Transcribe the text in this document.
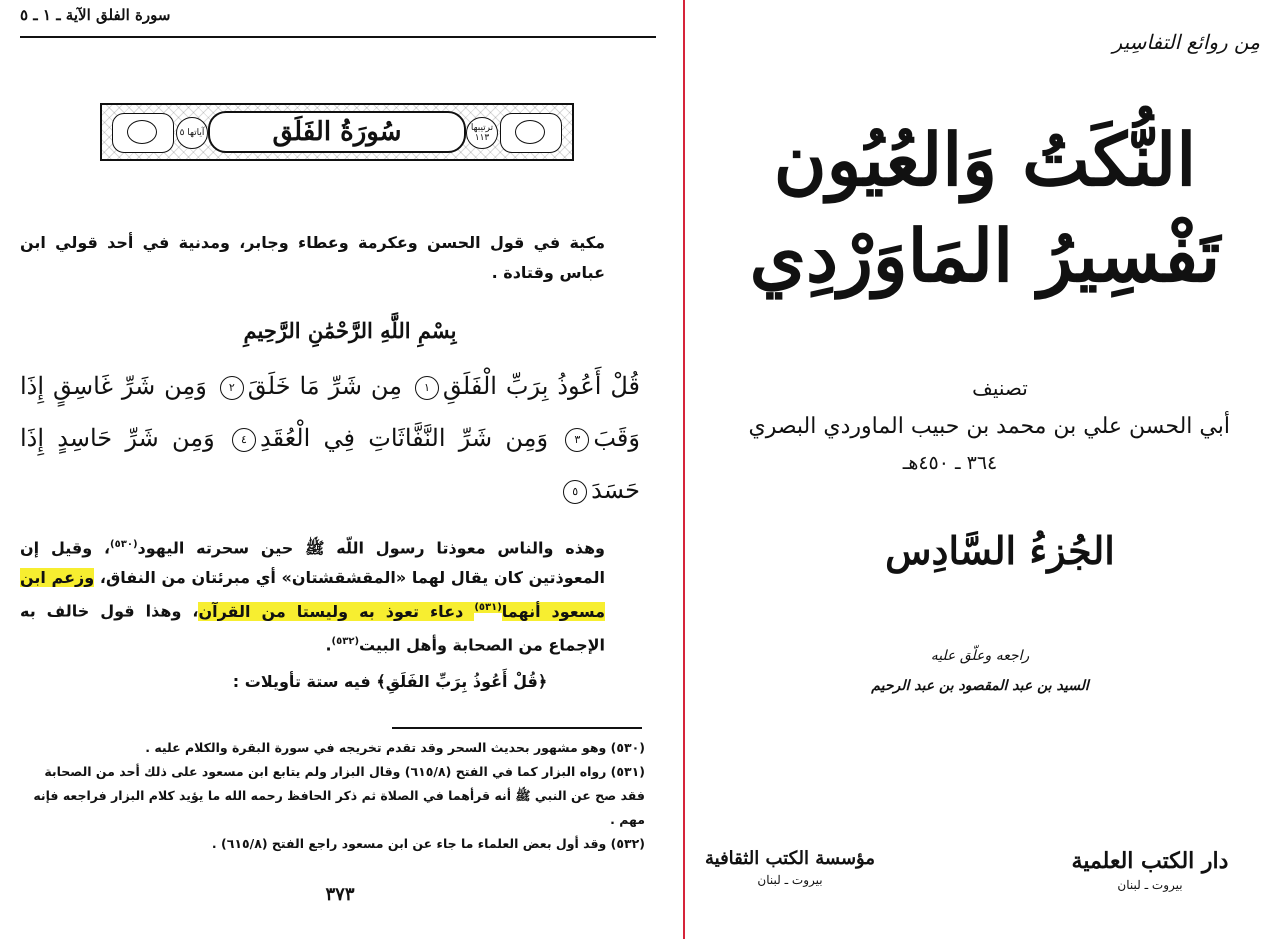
سورة الفلق الآية ـ ١ ـ ٥
سُورَةُ الفَلَق
آياتها ٥	ترتيبها ١١٣
مكية في قول الحسن وعكرمة وعطاء وجابر، ومدنية في أحد قولي ابن عباس وقتادة .
بِسْمِ اللَّهِ الرَّحْمَٰنِ الرَّحِيمِ
قُلْ أَعُوذُ بِرَبِّ الْفَلَقِ١ مِن شَرِّ مَا خَلَقَ٢ وَمِن شَرِّ غَاسِقٍ إِذَا وَقَبَ٣ وَمِن شَرِّ النَّفَّاثَاتِ فِي الْعُقَدِ٤ وَمِن شَرِّ حَاسِدٍ إِذَا حَسَدَ٥
وهذه والناس معوذتا رسول اللّه ﷺ حين سحرته اليهود$^{(٥٣٠)}$، وقيل إن المعوذتين كان يقال لهما «المقشقشتان» أي مبرئتان من النفاق، وزعم ابن مسعود أنهما$^{(٥٣١)}$ دعاء تعوذ به وليستا من القرآن، وهذا قول خالف به الإجماع من الصحابة وأهل البيت$^{(٥٣٢)}$.
﴿قُلْ أَعُوذُ بِرَبِّ الفَلَقِ﴾ فيه ستة تأويلات :

(٥٣٠) وهو مشهور بحديث السحر وقد تقدم تخريجه في سورة البقرة والكلام عليه .

(٥٣١) رواه البزار كما في الفتح (٦١٥/٨) وقال البزار ولم يتابع ابن مسعود على ذلك أحد من الصحابة فقد صح عن النبي ﷺ أنه قرأهما في الصلاة ثم ذكر الحافظ رحمه الله ما يؤيد كلام البزار فراجعه فإنه مهم .

(٥٣٢) وقد أول بعض العلماء ما جاء عن ابن مسعود راجع الفتح (٦١٥/٨) .

٣٧٣
مِن روائع التفاسِير
النُّكَتُ وَالعُيُون
تَفْسِيرُ المَاوَرْدِي
تصنيف
أبي الحسن علي بن محمد بن حبيب الماوردي البصري
٣٦٤ ـ ٤٥٠هـ
الجُزءُ السَّادِس
راجعه وعلّق عليه
السيد بن عبد المقصود بن عبد الرحيم
مؤسسة الكتب الثقافية
بيروت ـ لبنان
دار الكتب العلمية
بيروت ـ لبنان
